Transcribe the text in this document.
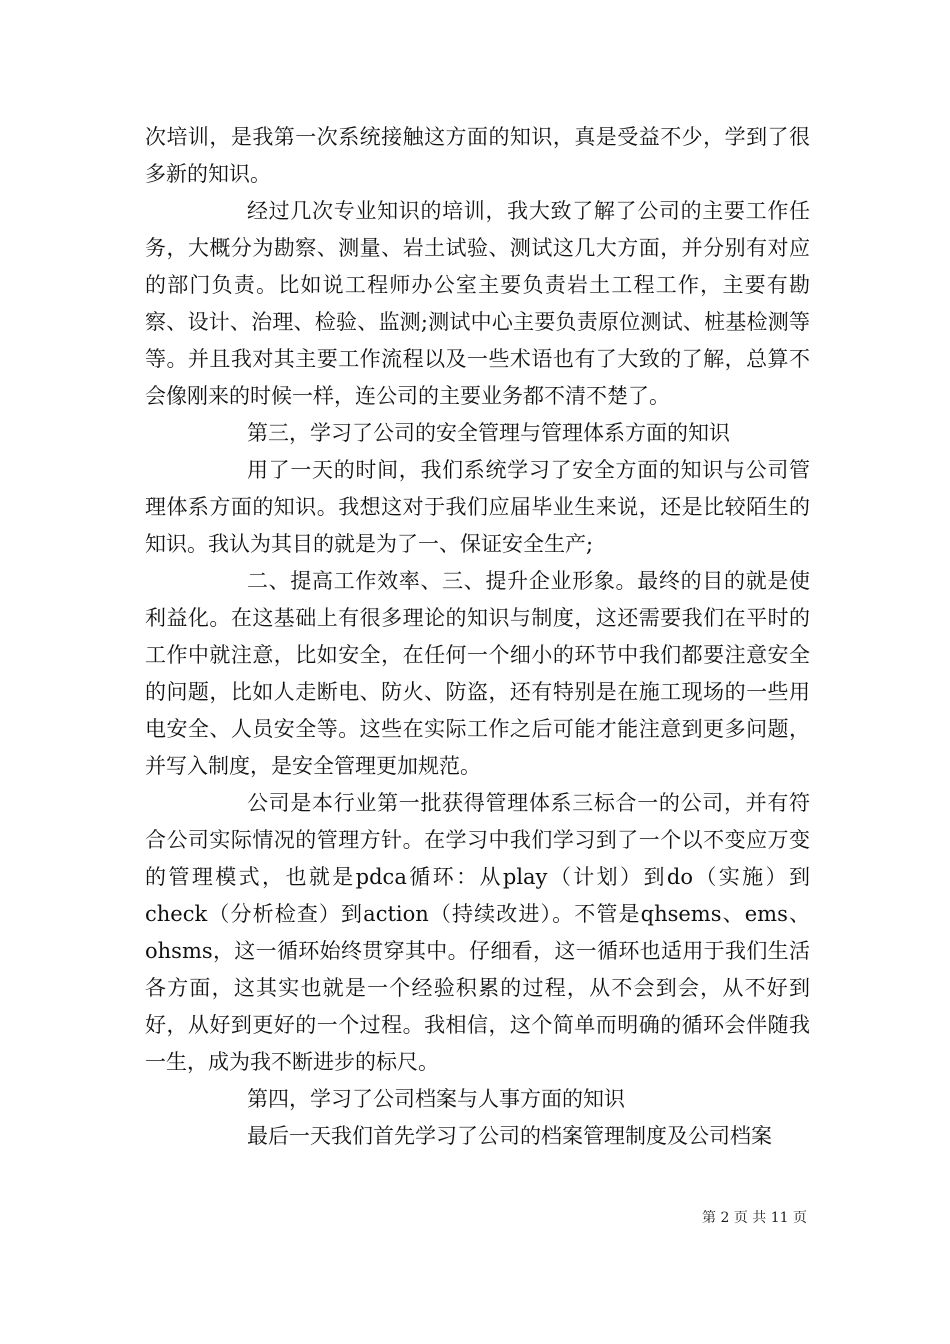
次培训，是我第一次系统接触这方面的知识，真是受益不少，学到了很多新的知识。

经过几次专业知识的培训，我大致了解了公司的主要工作任务，大概分为勘察、测量、岩土试验、测试这几大方面，并分别有对应的部门负责。比如说工程师办公室主要负责岩土工程工作，主要有勘察、设计、治理、检验、监测;测试中心主要负责原位测试、桩基检测等等。并且我对其主要工作流程以及一些术语也有了大致的了解，总算不会像刚来的时候一样，连公司的主要业务都不清不楚了。

第三，学习了公司的安全管理与管理体系方面的知识

用了一天的时间，我们系统学习了安全方面的知识与公司管理体系方面的知识。我想这对于我们应届毕业生来说，还是比较陌生的知识。我认为其目的就是为了一、保证安全生产;

二、提高工作效率、三、提升企业形象。最终的目的就是使利益化。在这基础上有很多理论的知识与制度，这还需要我们在平时的工作中就注意，比如安全，在任何一个细小的环节中我们都要注意安全的问题，比如人走断电、防火、防盗，还有特别是在施工现场的一些用电安全、人员安全等。这些在实际工作之后可能才能注意到更多问题，并写入制度，是安全管理更加规范。

公司是本行业第一批获得管理体系三标合一的公司，并有符合公司实际情况的管理方针。在学习中我们学习到了一个以不变应万变的管理模式，也就是pdca循环：从play（计划）到do（实施）到check（分析检查）到action（持续改进）。不管是qhsems、ems、ohsms，这一循环始终贯穿其中。仔细看，这一循环也适用于我们生活各方面，这其实也就是一个经验积累的过程，从不会到会，从不好到好，从好到更好的一个过程。我相信，这个简单而明确的循环会伴随我一生，成为我不断进步的标尺。

第四，学习了公司档案与人事方面的知识

最后一天我们首先学习了公司的档案管理制度及公司档案

第 2 页 共 11 页
